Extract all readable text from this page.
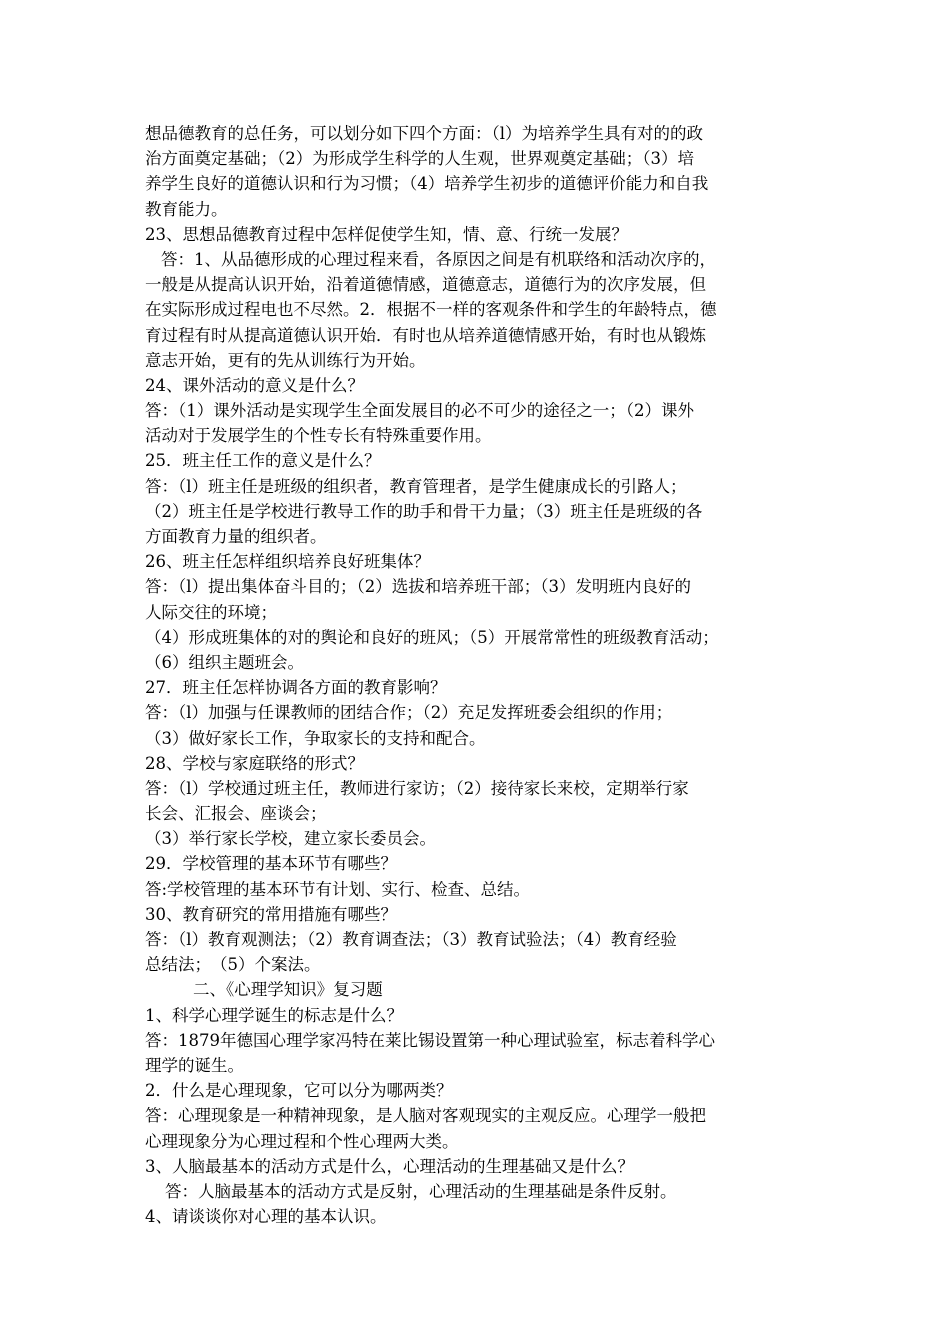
想品德教育的总任务，可以划分如下四个方面：（l）为培养学生具有对的的政
治方面奠定基础；（2）为形成学生科学的人生观，世界观奠定基础；（3）培
养学生良好的道德认识和行为习惯；（4）培养学生初步的道德评价能力和自我
教育能力。
23、思想品德教育过程中怎样促使学生知，情、意、行统一发展？
答：1、从品德形成的心理过程来看，各原因之间是有机联络和活动次序的，
一般是从提高认识开始，沿着道德情感，道德意志，道德行为的次序发展，但
在实际形成过程电也不尽然。2．根据不一样的客观条件和学生的年龄特点，德
育过程有时从提高道德认识开始．有时也从培养道德情感开始，有时也从锻炼
意志开始，更有的先从训练行为开始。
24、课外活动的意义是什么？
答：（1）课外活动是实现学生全面发展目的必不可少的途径之一；（2）课外
活动对于发展学生的个性专长有特殊重要作用。
25．班主任工作的意义是什么？
答：（l）班主任是班级的组织者，教育管理者，是学生健康成长的引路人；
（2）班主任是学校进行教导工作的助手和骨干力量；（3）班主任是班级的各
方面教育力量的组织者。
26、班主任怎样组织培养良好班集体？
答：（l）提出集体奋斗目的；（2）选拔和培养班干部；（3）发明班内良好的
人际交往的环境；
（4）形成班集体的对的舆论和良好的班风；（5）开展常常性的班级教育活动；
（6）组织主题班会。
27．班主任怎样协调各方面的教育影响？
答：（l）加强与任课教师的团结合作；（2）充足发挥班委会组织的作用；
（3）做好家长工作，争取家长的支持和配合。
28、学校与家庭联络的形式？
答：（l）学校通过班主任，教师进行家访；（2）接待家长来校，定期举行家
长会、汇报会、座谈会；
（3）举行家长学校，建立家长委员会。
29．学校管理的基本环节有哪些？
答:学校管理的基本环节有计划、实行、检查、总结。
30、教育研究的常用措施有哪些？
答：（l）教育观测法；（2）教育调查法；（3）教育试验法；（4）教育经验
总结法；　（5）个案法。
二、《心理学知识》复习题
1、科学心理学诞生的标志是什么？
答：1879年德国心理学家冯特在莱比锡设置第一种心理试验室，标志着科学心
理学的诞生。
2．什么是心理现象，它可以分为哪两类？
答：心理现象是一种精神现象，是人脑对客观现实的主观反应。心理学一般把
心理现象分为心理过程和个性心理两大类。
3、人脑最基本的活动方式是什么，心理活动的生理基础又是什么？
答：人脑最基本的活动方式是反射，心理活动的生理基础是条件反射。
4、请谈谈你对心理的基本认识。
